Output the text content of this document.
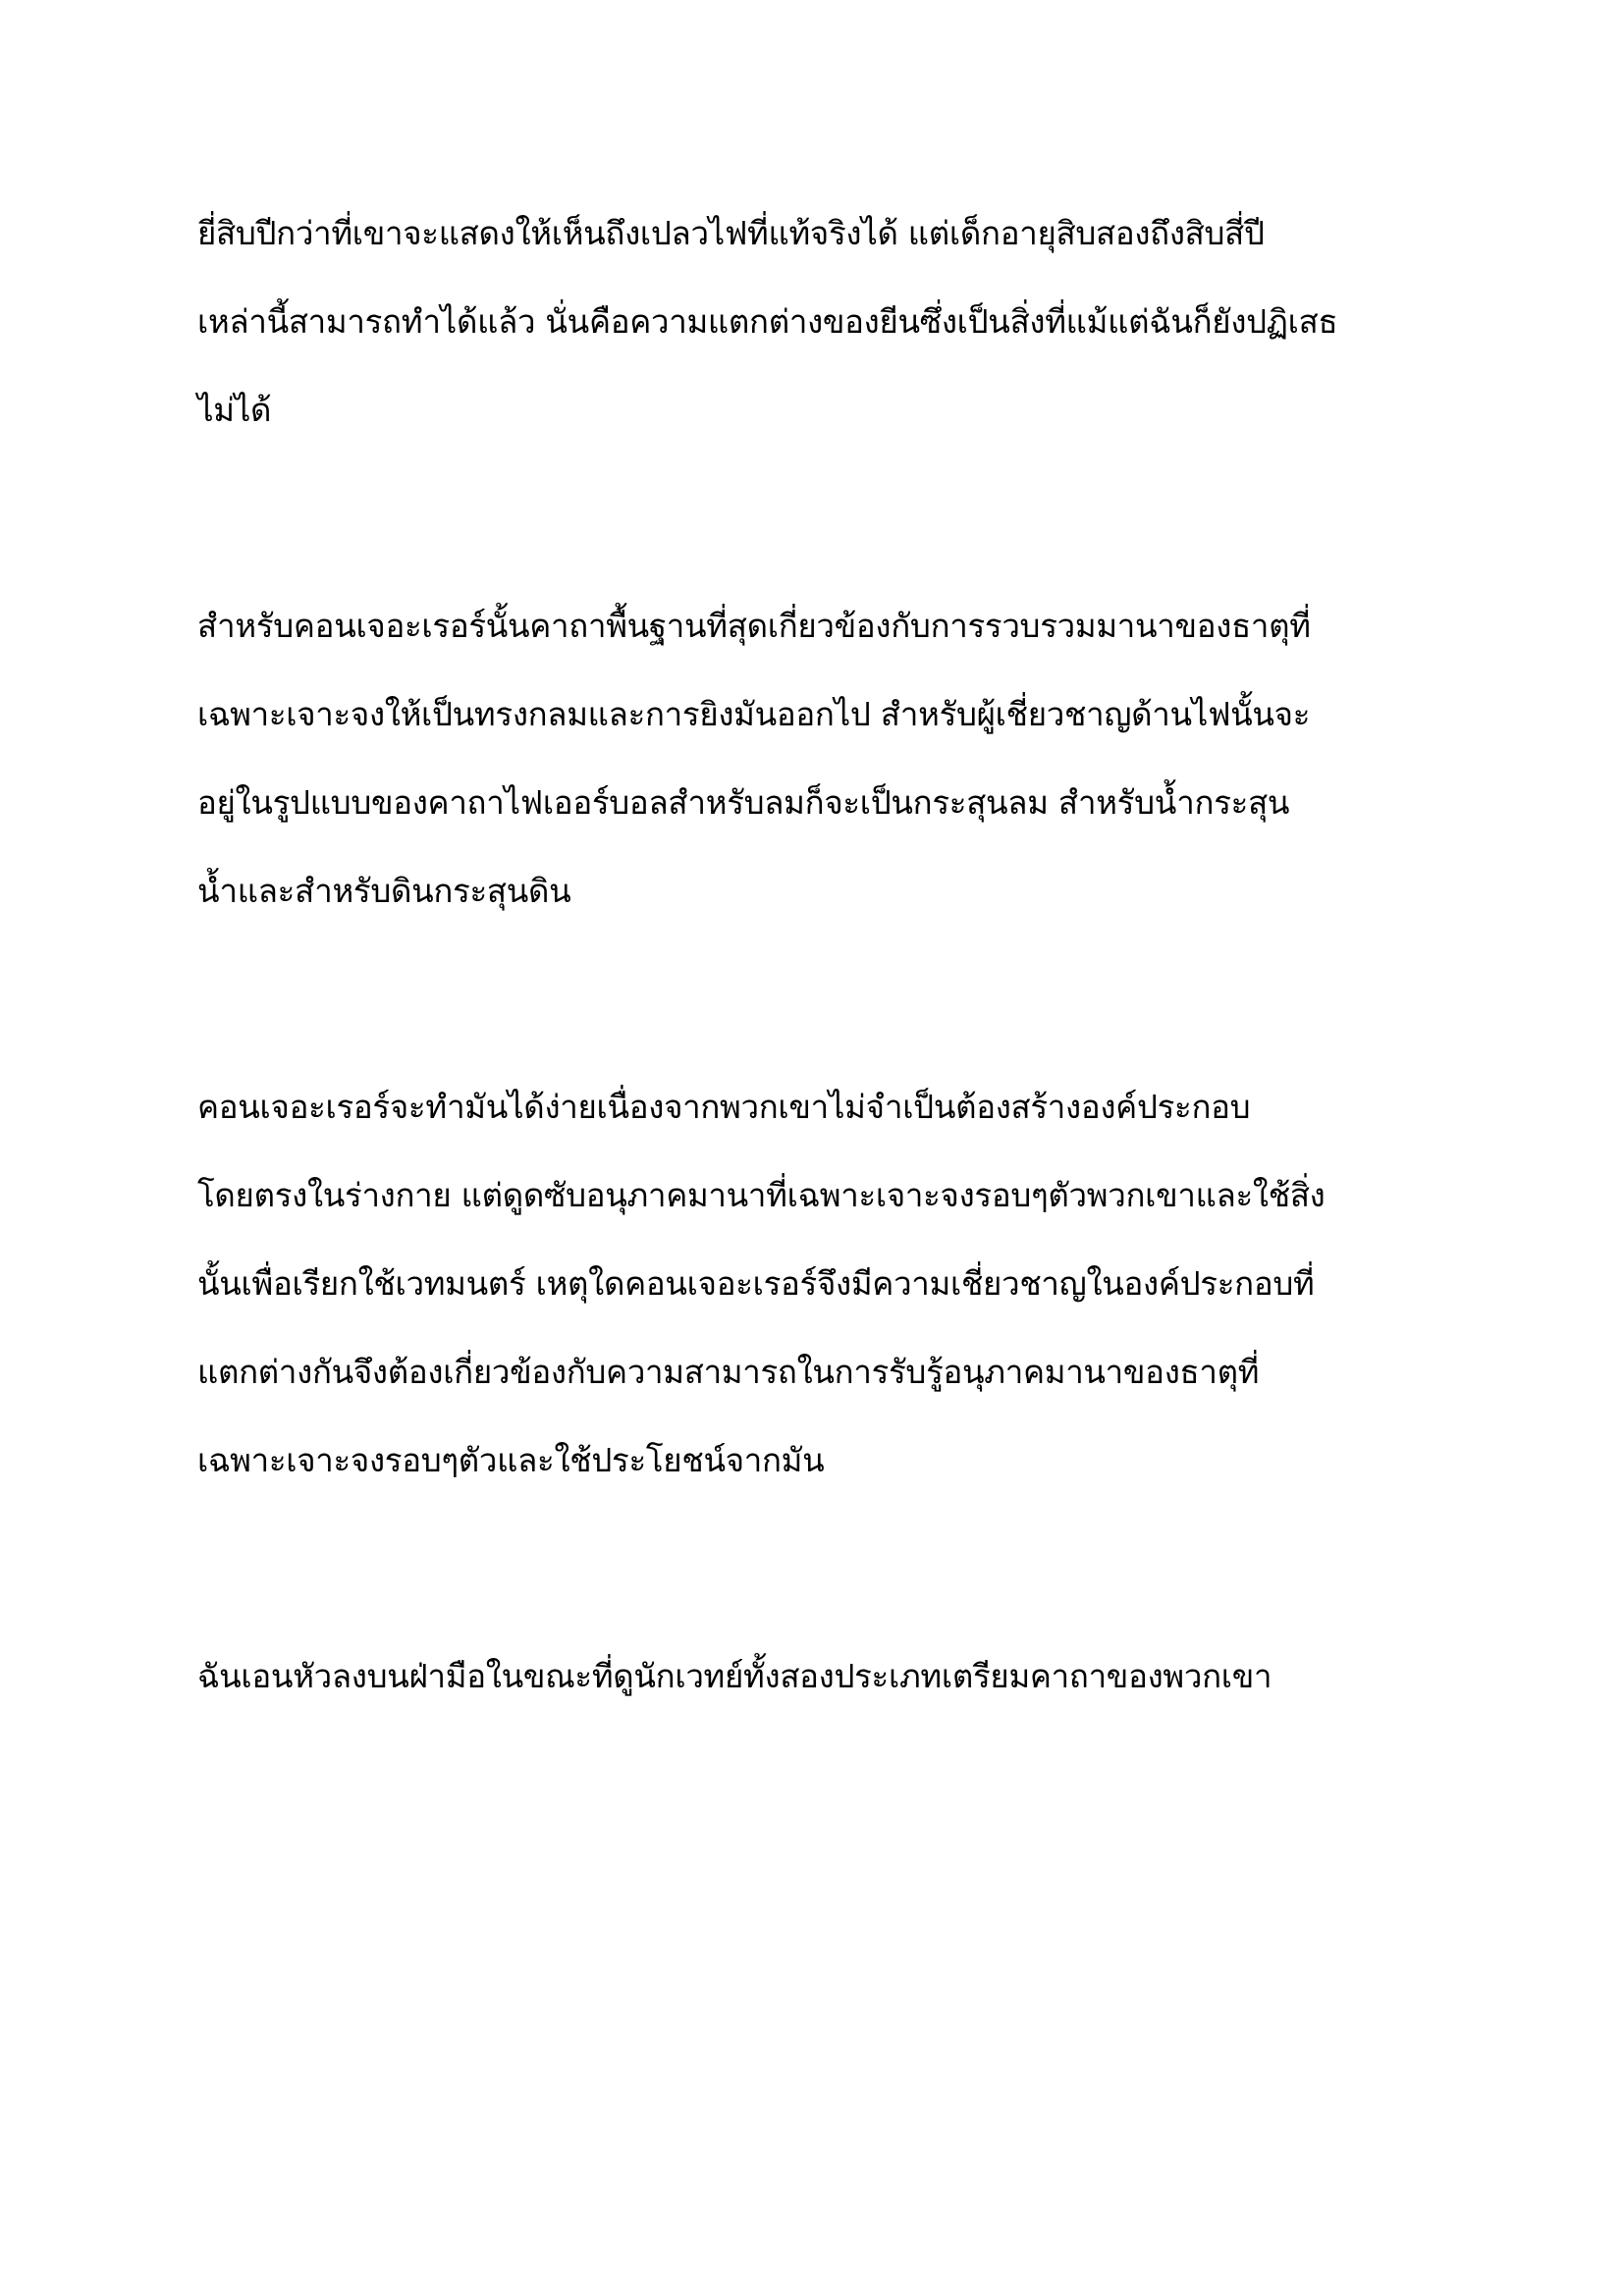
ยี่สิบปีกว่าที่เขาจะแสดงให้เห็นถึงเปลวไฟที่แท้จริงได้ แต่เด็กอายุสิบสองถึงสิบสี่ปี
เหล่านี้สามารถทำได้แล้ว นั่นคือความแตกต่างของยีนซึ่งเป็นสิ่งที่แม้แต่ฉันก็ยังปฏิเสธ
ไม่ได้
สำหรับคอนเจอะเรอร์นั้นคาถาพื้นฐานที่สุดเกี่ยวข้องกับการรวบรวมมานาของธาตุที่
เฉพาะเจาะจงให้เป็นทรงกลมและการยิงมันออกไป สำหรับผู้เชี่ยวชาญด้านไฟนั้นจะ
อยู่ในรูปแบบของคาถาไฟเออร์บอลสำหรับลมก็จะเป็นกระสุนลม สำหรับน้ำกระสุน
น้ำและสำหรับดินกระสุนดิน
คอนเจอะเรอร์จะทำมันได้ง่ายเนื่องจากพวกเขาไม่จำเป็นต้องสร้างองค์ประกอบ
โดยตรงในร่างกาย แต่ดูดซับอนุภาคมานาที่เฉพาะเจาะจงรอบๆตัวพวกเขาและใช้สิ่ง
นั้นเพื่อเรียกใช้เวทมนตร์ เหตุใดคอนเจอะเรอร์จึงมีความเชี่ยวชาญในองค์ประกอบที่
แตกต่างกันจึงต้องเกี่ยวข้องกับความสามารถในการรับรู้อนุภาคมานาของธาตุที่
เฉพาะเจาะจงรอบๆตัวและใช้ประโยชน์จากมัน
ฉันเอนหัวลงบนฝ่ามือในขณะที่ดูนักเวทย์ทั้งสองประเภทเตรียมคาถาของพวกเขา
